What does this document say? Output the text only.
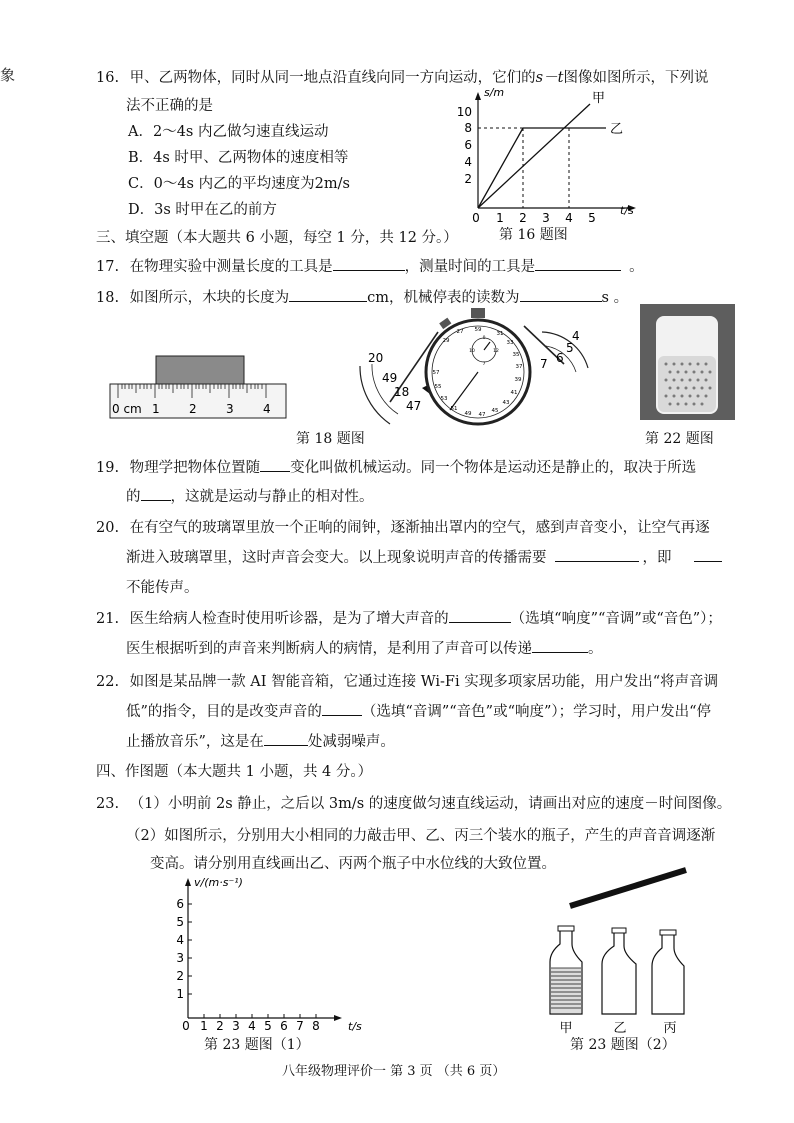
象	16. 甲、乙两物体，同时从同一地点沿直线向同一方向运动，它们的s－t图像如图所示，下列说
法不正确的是
A．2～4s 内乙做匀速直线运动
B．4s 时甲、乙两物体的速度相等
C．0～4s 内乙的平均速度为2m/s
D．3s 时甲在乙的前方
s/m
t/s
10
8
6
4
2
0 1 2 3 4 5
甲
乙
第 16 题图
三、填空题（本大题共 6 小题，每空 1 分，共 12 分。）
17. 在物理实验中测量长度的工具是	，测量时间的工具是	。
18. 如图所示，木块的长度为	cm，机械停表的读数为	s 。
0 cm 1 2 3 4
20
49
18
47
59
31
33
35
37
39
41
43
45
47
49
51
53
55
57
27
29	0
12
7
10
4
5
6
7
第 18 题图	第 22 题图
19. 物理学把物体位置随 变化叫做机械运动。同一个物体是运动还是静止的，取决于所选
的 ，这就是运动与静止的相对性。
20. 在有空气的玻璃罩里放一个正响的闹钟，逐渐抽出罩内的空气，感到声音变小，让空气再逐
渐进入玻璃罩里，这时声音会变大。以上现象说明声音的传播需要	，即
不能传声。
21. 医生给病人检查时使用听诊器，是为了增大声音的	（选填“响度”“音调”或“音色”）；
医生根据听到的声音来判断病人的病情，是利用了声音可以传递	。
22. 如图是某品牌一款 AI 智能音箱，它通过连接 Wi-Fi 实现多项家居功能，用户发出“将声音调
低”的指令，目的是改变声音的	（选填“音调”“音色”或“响度”）；学习时，用户发出“停
止播放音乐”，这是在	处减弱噪声。
四、作图题（本大题共 1 小题，共 4 分。）
23. （1）小明前 2s 静止，之后以 3m/s 的速度做匀速直线运动，请画出对应的速度－时间图像。
（2）如图所示，分别用大小相同的力敲击甲、乙、丙三个装水的瓶子，产生的声音音调逐渐
变高。请分别用直线画出乙、丙两个瓶子中水位线的大致位置。
v/(m·s⁻¹)
t/s
6
5
4
3
2
1
0 1 2 3 4 5 6 7 8
第 23 题图（1）
甲	乙	丙
第 23 题图（2）
八年级物理评价一 第 3 页 （共 6 页）
